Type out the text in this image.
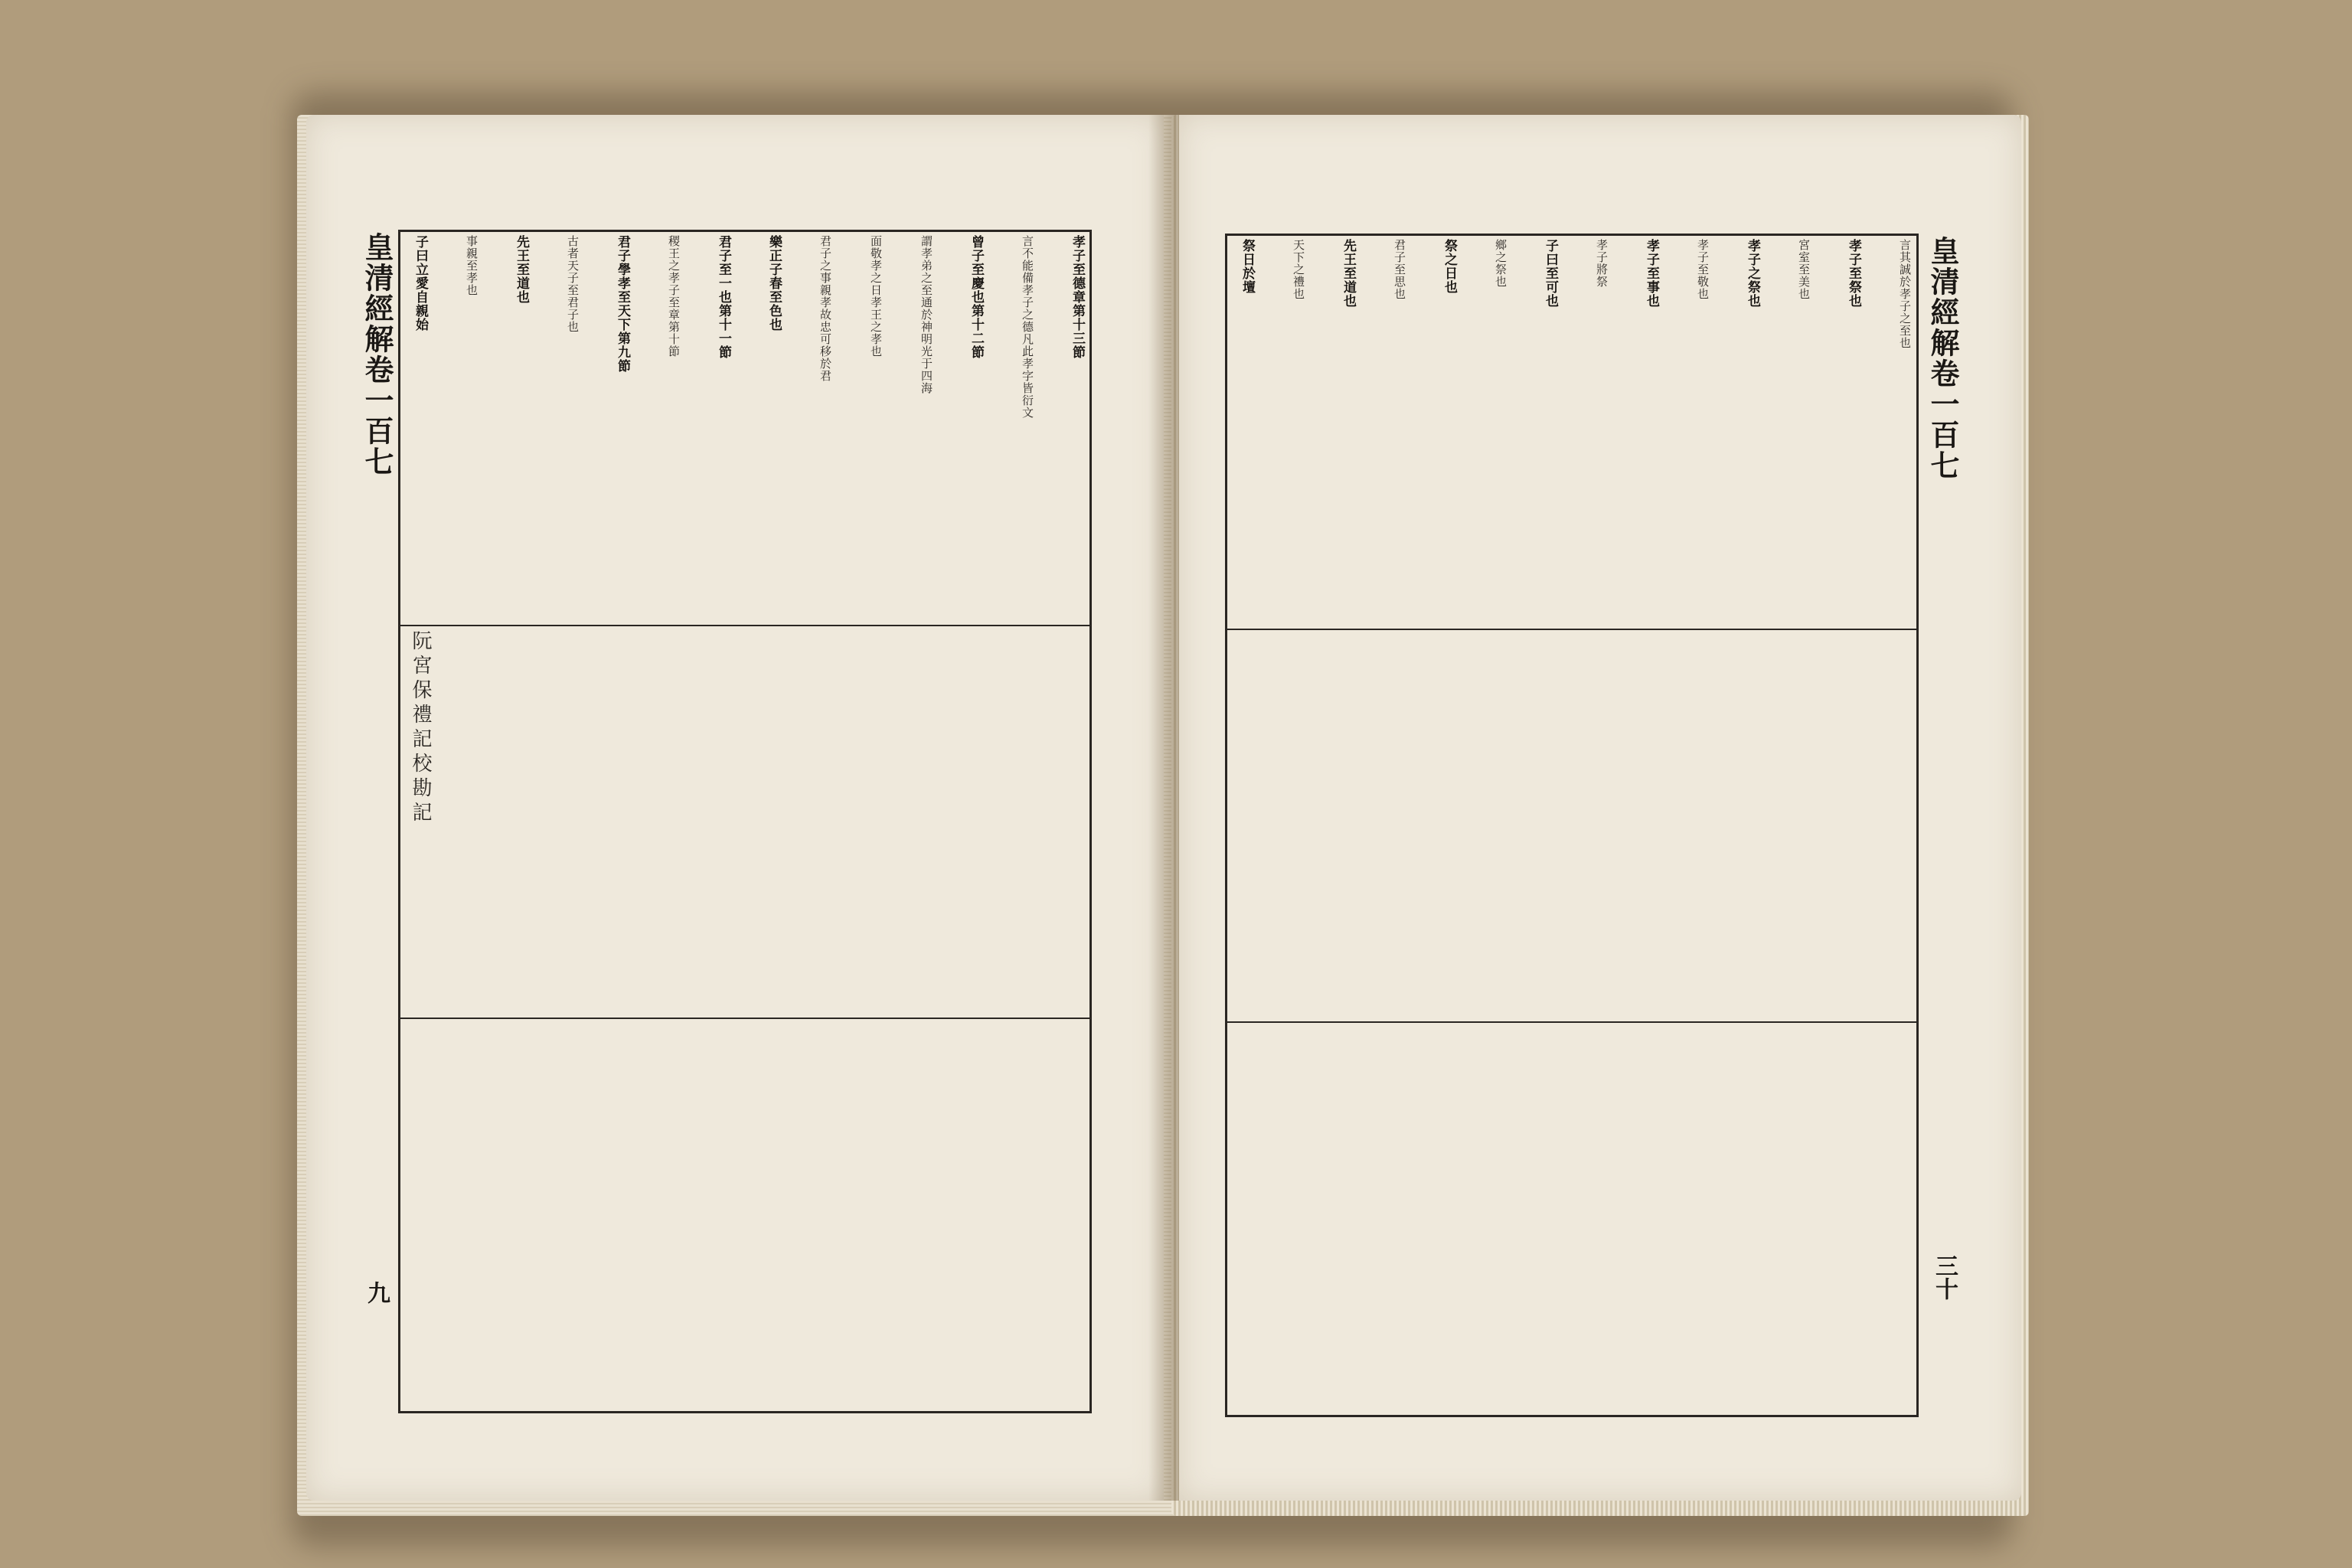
皇清經解卷一百七
九
阮宮保禮記校勘記
孝子至德章第十三節
言不能備孝子之德凡此孝字皆衍文
曾子至慶也第十二節
謂孝弟之至通於神明光于四海
面敬孝之日孝王之孝也
君子之事親孝故忠可移於君
樂正子春至色也
君子至一也第十一節
稷王之孝子至章第十節
君子學孝至天下第九節
古者天子至君子也
先王至道也
事親至孝也
子曰立愛自親始	皇清經解卷一百七
三十
言其誠於孝子之至也
孝子至祭也
宮室至美也
孝子之祭也
孝子至敬也
孝子至事也
孝子將祭
子曰至可也
鄉之祭也
祭之日也
君子至思也
先王至道也
天下之禮也
祭日於壇
